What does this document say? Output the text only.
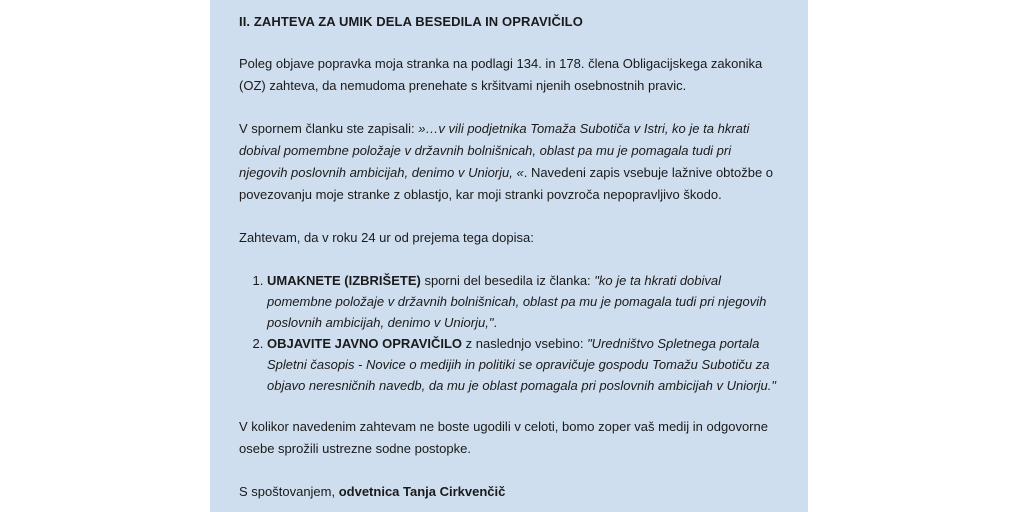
II. ZAHTEVA ZA UMIK DELA BESEDILA IN OPRAVIČILO

Poleg objave popravka moja stranka na podlagi 134. in 178. člena Obligacijskega zakonika (OZ) zahteva, da nemudoma prenehate s kršitvami njenih osebnostnih pravic.

V spornem članku ste zapisali: »…v vili podjetnika Tomaža Subotiča v Istri, ko je ta hkrati dobival pomembne položaje v državnih bolnišnicah, oblast pa mu je pomagala tudi pri njegovih poslovnih ambicijah, denimo v Uniorju, «. Navedeni zapis vsebuje lažnive obtožbe o povezovanju moje stranke z oblastjo, kar moji stranki povzroča nepopravljivo škodo.

Zahtevam, da v roku 24 ur od prejema tega dopisa:

1. UMAKNETE (IZBRIŠETE) sporni del besedila iz članka: "ko je ta hkrati dobival pomembne položaje v državnih bolnišnicah, oblast pa mu je pomagala tudi pri njegovih poslovnih ambicijah, denimo v Uniorju,".
2. OBJAVITE JAVNO OPRAVIČILO z naslednjo vsebino: "Uredništvo Spletnega portala Spletni časopis - Novice o medijih in politiki se opravičuje gospodu Tomažu Subotiču za objavo neresničnih navedb, da mu je oblast pomagala pri poslovnih ambicijah v Uniorju."

V kolikor navedenim zahtevam ne boste ugodili v celoti, bomo zoper vaš medij in odgovorne osebe sprožili ustrezne sodne postopke.

S spoštovanjem, odvetnica Tanja Cirkvenčič
